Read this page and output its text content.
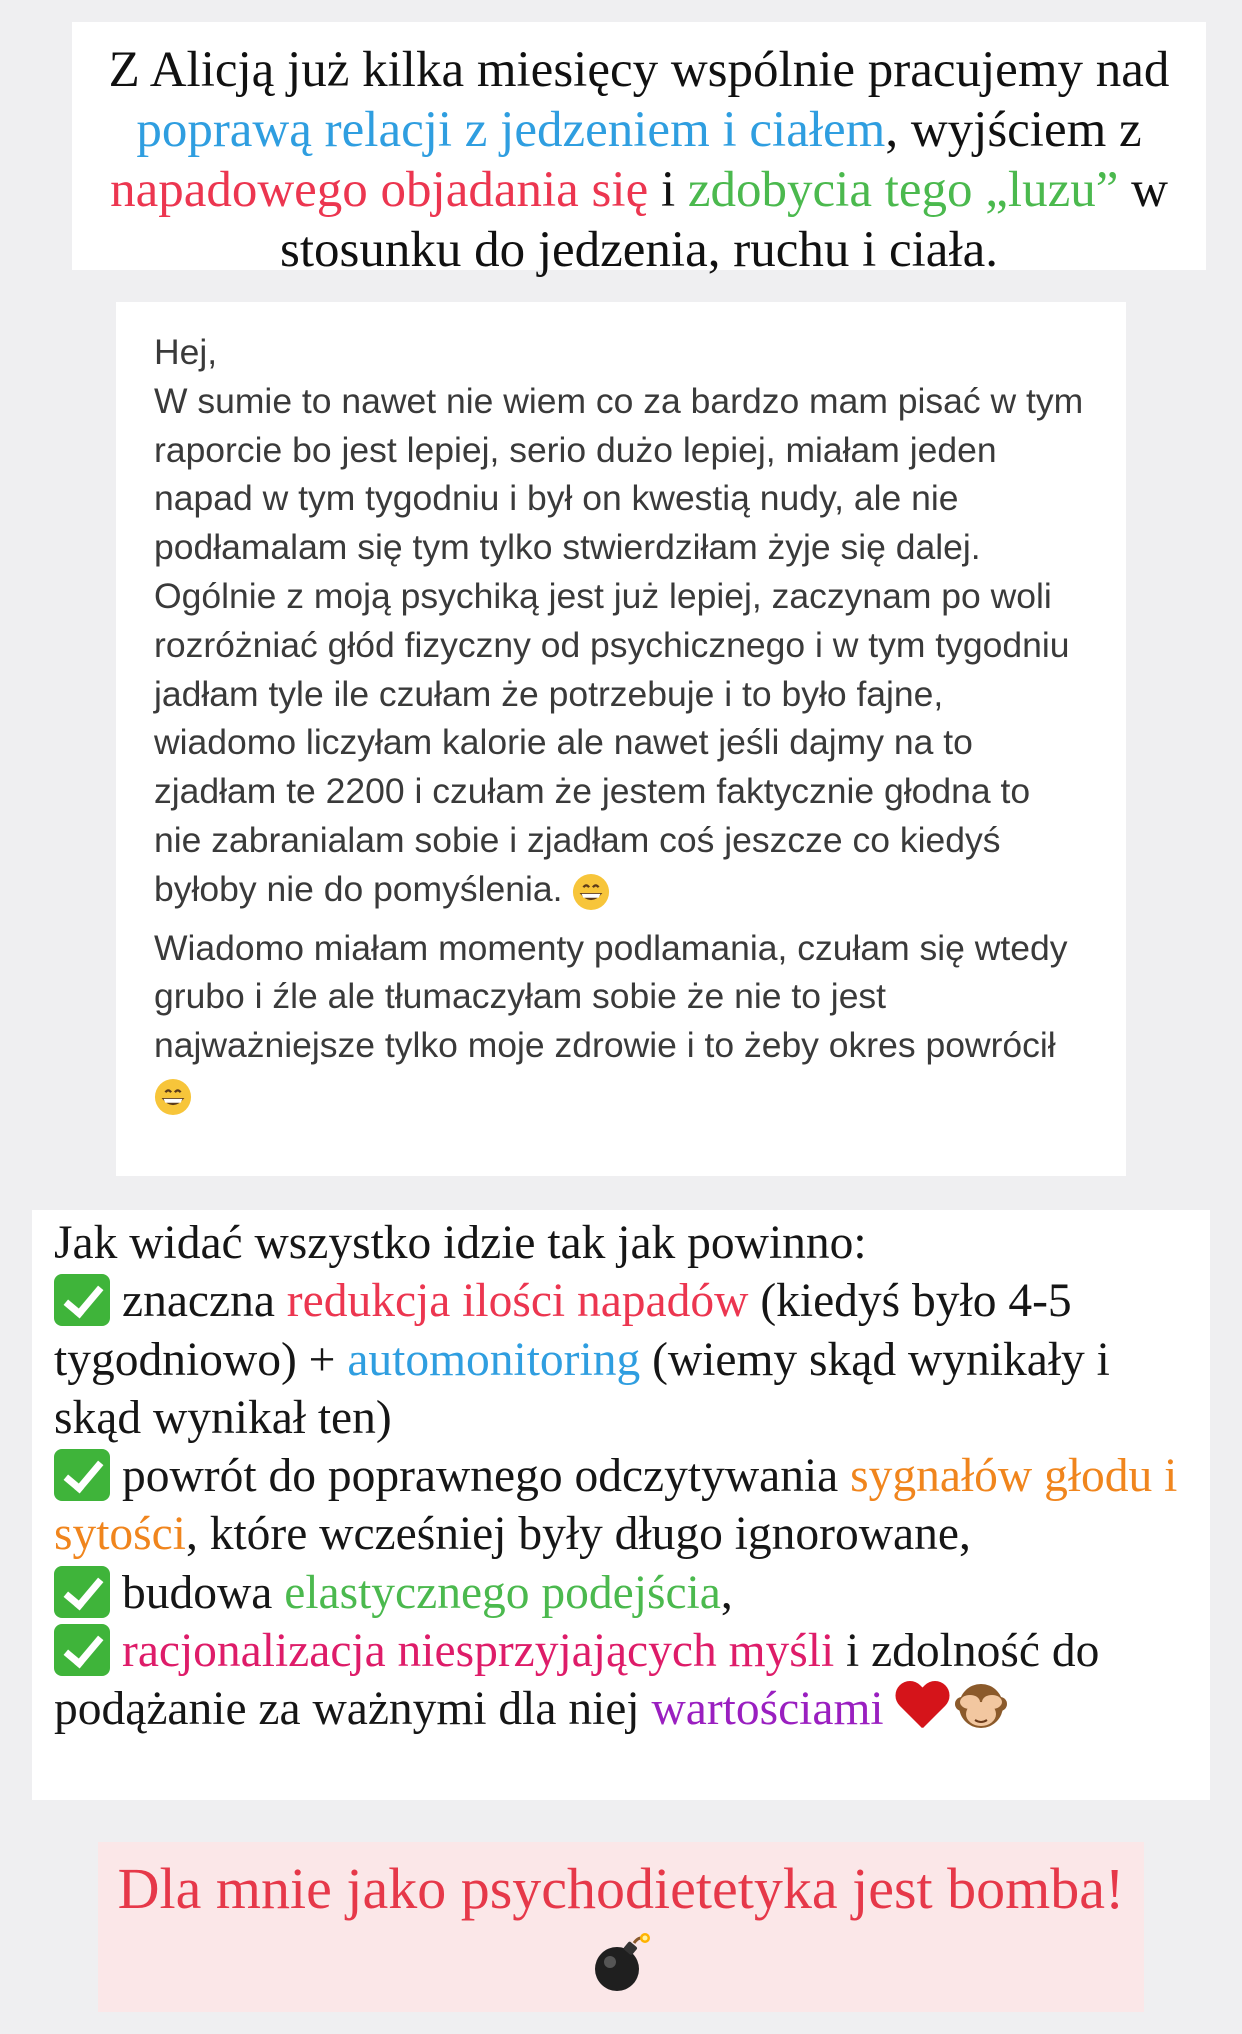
Z Alicją już kilka miesięcy wspólnie pracujemy nad poprawą relacji z jedzeniem i ciałem, wyjściem z napadowego objadania się i zdobycia tego „luzu” w stosunku do jedzenia, ruchu i ciała.

Hej,
W sumie to nawet nie wiem co za bardzo mam pisać w tym raporcie bo jest lepiej, serio dużo lepiej, miałam jeden napad w tym tygodniu i był on kwestią nudy, ale nie podłamalam się tym tylko stwierdziłam żyje się dalej. Ogólnie z moją psychiką jest już lepiej, zaczynam po woli rozróżniać głód fizyczny od psychicznego i w tym tygodniu jadłam tyle ile czułam że potrzebuje i to było fajne, wiadomo liczyłam kalorie ale nawet jeśli dajmy na to zjadłam te 2200 i czułam że jestem faktycznie głodna to nie zabranialam sobie i zjadłam coś jeszcze co kiedyś byłoby nie do pomyślenia.
Wiadomo miałam momenty podlamania, czułam się wtedy grubo i źle ale tłumaczyłam sobie że nie to jest najważniejsze tylko moje zdrowie i to żeby okres powrócił

Jak widać wszystko idzie tak jak powinno:
znaczna redukcja ilości napadów (kiedyś było 4-5 tygodniowo) + automonitoring (wiemy skąd wynikały i skąd wynikał ten)
powrót do poprawnego odczytywania sygnałów głodu i sytości, które wcześniej były długo ignorowane,
budowa elastycznego podejścia,
racjonalizacja niesprzyjających myśli i zdolność do podążanie za ważnymi dla niej wartościami

Dla mnie jako psychodietetyka jest bomba!
